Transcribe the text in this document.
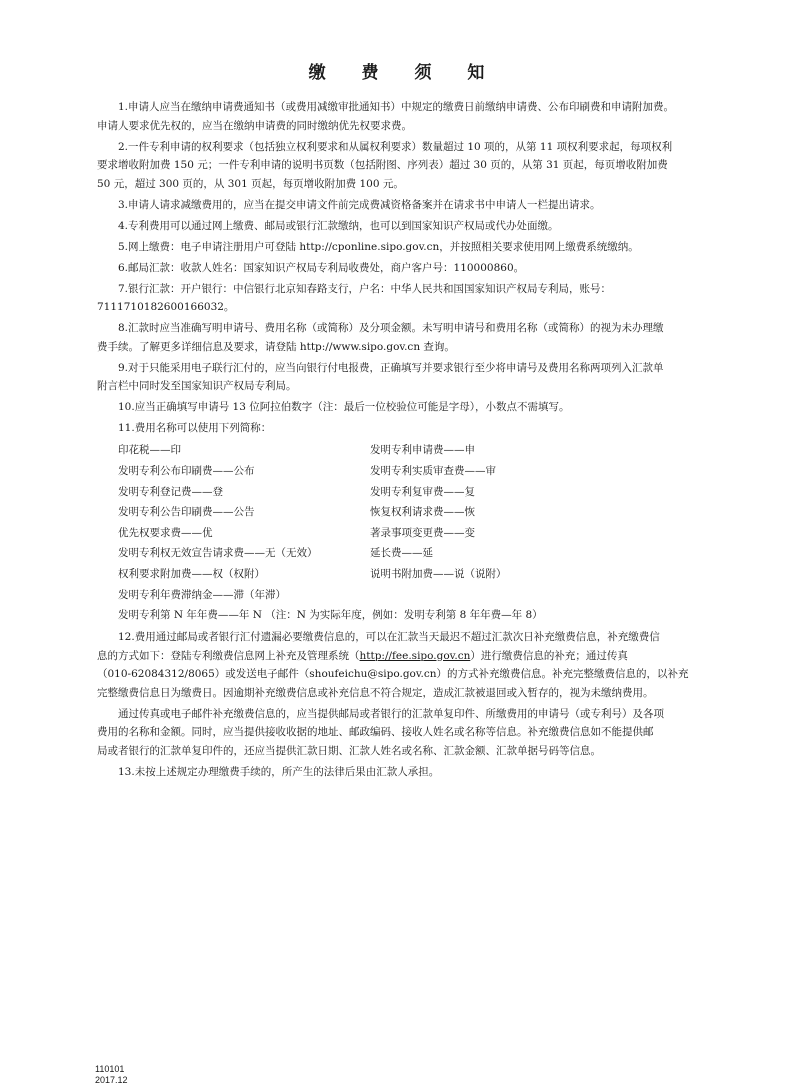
缴 费 须 知

1.申请人应当在缴纳申请费通知书（或费用减缴审批通知书）中规定的缴费日前缴纳申请费、公布印刷费和申请附加费。
申请人要求优先权的，应当在缴纳申请费的同时缴纳优先权要求费。

2.一件专利申请的权利要求（包括独立权利要求和从属权利要求）数量超过 10 项的，从第 11 项权利要求起，每项权利
要求增收附加费 150 元；一件专利申请的说明书页数（包括附图、序列表）超过 30 页的，从第 31 页起，每页增收附加费
50 元，超过 300 页的，从 301 页起，每页增收附加费 100 元。

3.申请人请求减缴费用的，应当在提交申请文件前完成费减资格备案并在请求书中申请人一栏提出请求。

4.专利费用可以通过网上缴费、邮局或银行汇款缴纳，也可以到国家知识产权局或代办处面缴。

5.网上缴费：电子申请注册用户可登陆 http://cponline.sipo.gov.cn，并按照相关要求使用网上缴费系统缴纳。

6.邮局汇款：收款人姓名：国家知识产权局专利局收费处，商户客户号：110000860。

7.银行汇款：开户银行：中信银行北京知春路支行，户名：中华人民共和国国家知识产权局专利局，账号：
7111710182600166032。

8.汇款时应当准确写明申请号、费用名称（或简称）及分项金额。未写明申请号和费用名称（或简称）的视为未办理缴
费手续。了解更多详细信息及要求，请登陆 http://www.sipo.gov.cn 查询。

9.对于只能采用电子联行汇付的，应当向银行付电报费，正确填写并要求银行至少将申请号及费用名称两项列入汇款单
附言栏中同时发至国家知识产权局专利局。

10.应当正确填写申请号 13 位阿拉伯数字（注：最后一位校验位可能是字母），小数点不需填写。

11.费用名称可以使用下列简称：

印花税——印	发明专利申请费——申
发明专利公布印刷费——公布	发明专利实质审查费——审
发明专利登记费——登	发明专利复审费——复
发明专利公告印刷费——公告	恢复权利请求费——恢
优先权要求费——优	著录事项变更费——变
发明专利权无效宣告请求费——无（无效）	延长费——延
权利要求附加费——权（权附）	说明书附加费——说（说附）
发明专利年费滞纳金——滞（年滞）
发明专利第 N 年年费——年 N （注：N 为实际年度，例如：发明专利第 8 年年费—年 8）

12.费用通过邮局或者银行汇付遗漏必要缴费信息的，可以在汇款当天最迟不超过汇款次日补充缴费信息，补充缴费信
息的方式如下：登陆专利缴费信息网上补充及管理系统（http://fee.sipo.gov.cn）进行缴费信息的补充；通过传真
（010-62084312/8065）或发送电子邮件（shoufeichu@sipo.gov.cn）的方式补充缴费信息。补充完整缴费信息的，以补充
完整缴费信息日为缴费日。因逾期补充缴费信息或补充信息不符合规定，造成汇款被退回或入暂存的，视为未缴纳费用。

通过传真或电子邮件补充缴费信息的，应当提供邮局或者银行的汇款单复印件、所缴费用的申请号（或专利号）及各项
费用的名称和金额。同时，应当提供接收收据的地址、邮政编码、接收人姓名或名称等信息。补充缴费信息如不能提供邮
局或者银行的汇款单复印件的，还应当提供汇款日期、汇款人姓名或名称、汇款金额、汇款单据号码等信息。

13.未按上述规定办理缴费手续的，所产生的法律后果由汇款人承担。

110101
2017.12
